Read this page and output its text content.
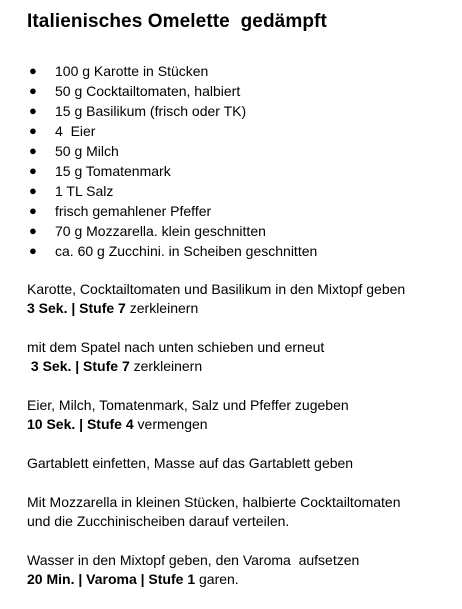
Italienisches Omelette  gedämpft
● 100 g Karotte in Stücken
● 50 g Cocktailtomaten, halbiert
● 15 g Basilikum (frisch oder TK)
● 4  Eier
● 50 g Milch
● 15 g Tomatenmark
● 1 TL Salz
● frisch gemahlener Pfeffer
● 70 g Mozzarella. klein geschnitten
● ca. 60 g Zucchini. in Scheiben geschnitten

Karotte, Cocktailtomaten und Basilikum in den Mixtopf geben
3 Sek. | Stufe 7 zerkleinern

mit dem Spatel nach unten schieben und erneut
3 Sek. | Stufe 7 zerkleinern

Eier, Milch, Tomatenmark, Salz und Pfeffer zugeben
10 Sek. | Stufe 4 vermengen

Gartablett einfetten, Masse auf das Gartablett geben

Mit Mozzarella in kleinen Stücken, halbierte Cocktailtomaten
und die Zucchinischeiben darauf verteilen.

Wasser in den Mixtopf geben, den Varoma  aufsetzen
20 Min. | Varoma | Stufe 1 garen.
